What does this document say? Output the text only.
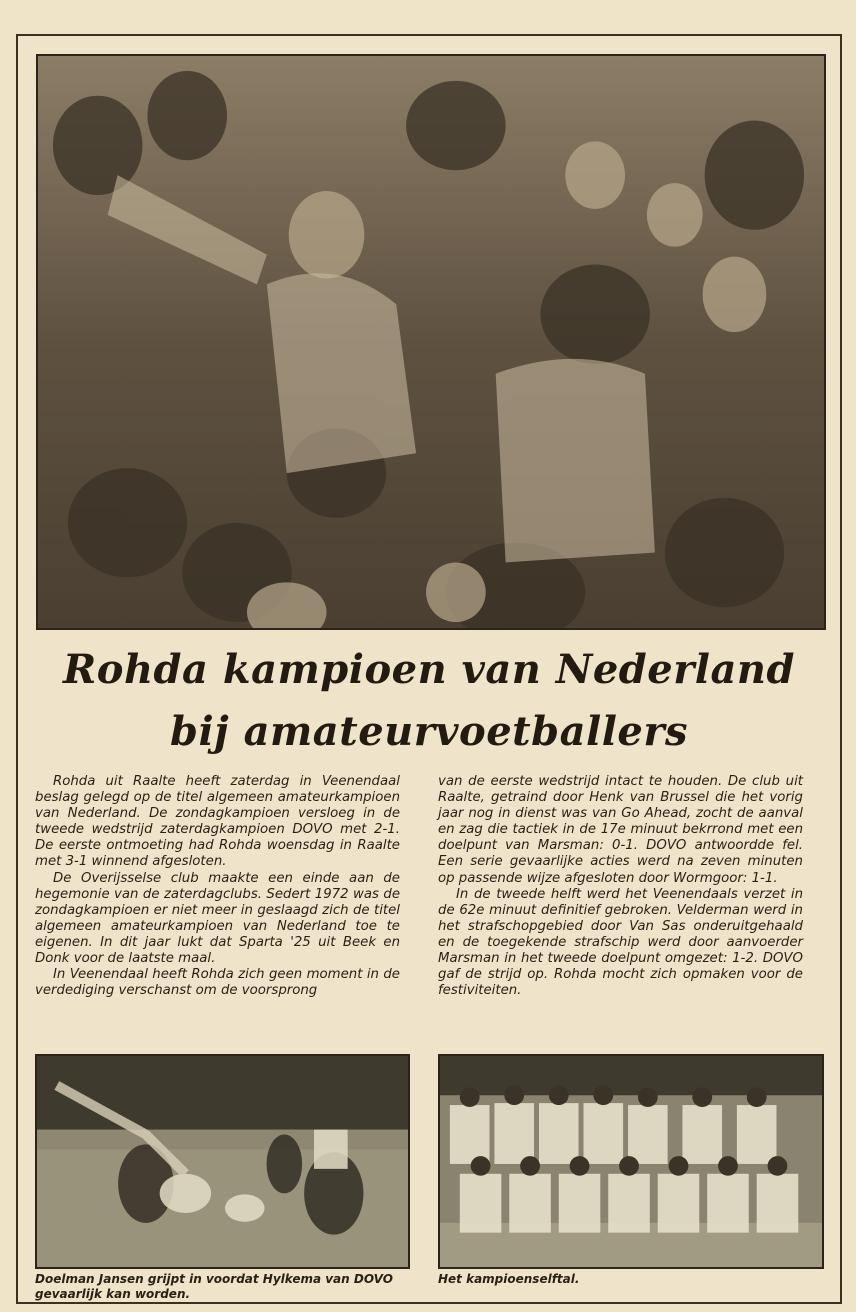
Rohda kampioen van Nederland
bij amateurvoetballers

Rohda uit Raalte heeft zaterdag in Veenendaal beslag gelegd op de titel algemeen amateurkampioen van Nederland. De zondagkampioen versloeg in de tweede wedstrijd zaterdagkampioen DOVO met 2-1. De eerste ontmoeting had Rohda woensdag in Raalte met 3-1 winnend afgesloten.

De Overijsselse club maakte een einde aan de hegemonie van de zaterdagclubs. Sedert 1972 was de zondagkampioen er niet meer in geslaagd zich de titel algemeen amateurkampioen van Nederland toe te eigenen. In dit jaar lukt dat Sparta '25 uit Beek en Donk voor de laatste maal.

In Veenendaal heeft Rohda zich geen moment in de verdediging verschanst om de voorsprong

van de eerste wedstrijd intact te houden. De club uit Raalte, getraind door Henk van Brussel die het vorig jaar nog in dienst was van Go Ahead, zocht de aanval en zag die tactiek in de 17e minuut bekrrond met een doelpunt van Marsman: 0-1. DOVO antwoordde fel. Een serie gevaarlijke acties werd na zeven minuten op passende wijze afgesloten door Wormgoor: 1-1.

In de tweede helft werd het Veenendaals verzet in de 62e minuut definitief gebroken. Velderman werd in het strafschopgebied door Van Sas onderuitgehaald en de toegekende strafschip werd door aanvoerder Marsman in het tweede doelpunt omgezet: 1-2. DOVO gaf de strijd op. Rohda mocht zich opmaken voor de festiviteiten.

Doelman Jansen grijpt in voordat Hylkema van DOVO gevaarlijk kan worden.
Het kampioenselftal.
